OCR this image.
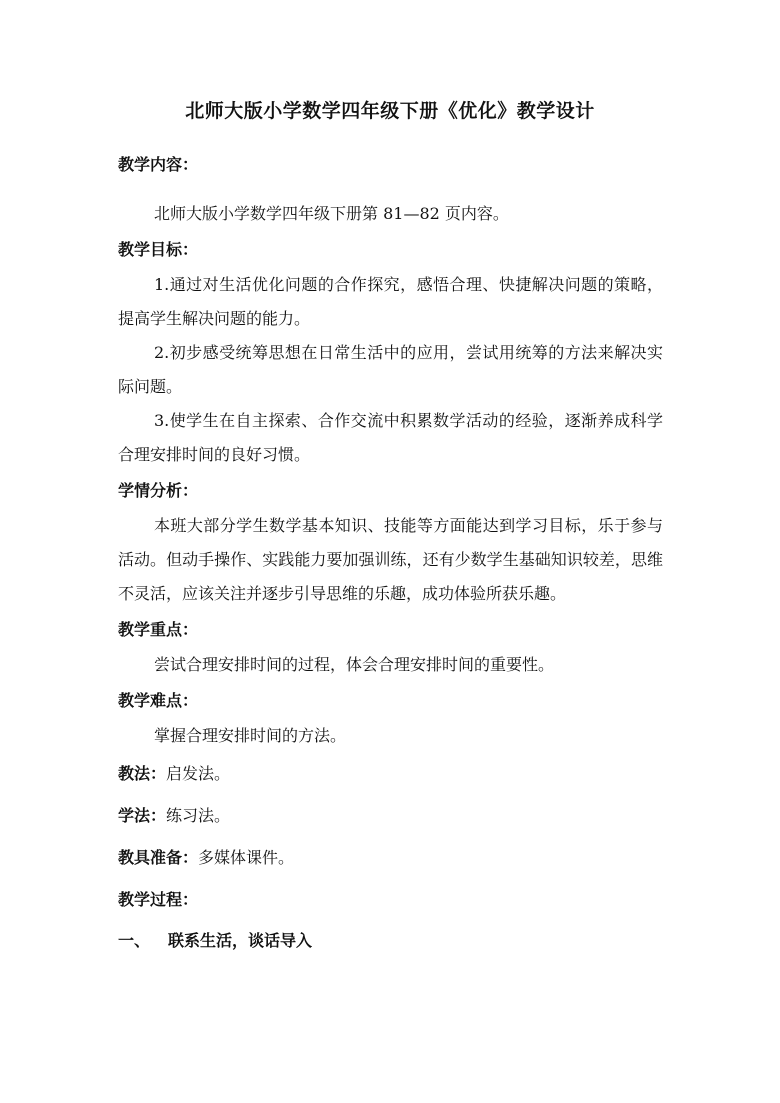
北师大版小学数学四年级下册《优化》教学设计

教学内容：

北师大版小学数学四年级下册第 81—82 页内容。

教学目标：

1.通过对生活优化问题的合作探究，感悟合理、快捷解决问题的策略，提高学生解决问题的能力。

2.初步感受统筹思想在日常生活中的应用，尝试用统筹的方法来解决实际问题。

3.使学生在自主探索、合作交流中积累数学活动的经验，逐渐养成科学合理安排时间的良好习惯。

学情分析：

本班大部分学生数学基本知识、技能等方面能达到学习目标，乐于参与活动。但动手操作、实践能力要加强训练，还有少数学生基础知识较差，思维不灵活，应该关注并逐步引导思维的乐趣，成功体验所获乐趣。

教学重点：

尝试合理安排时间的过程，体会合理安排时间的重要性。

教学难点：

掌握合理安排时间的方法。

教法：启发法。

学法：练习法。

教具准备：多媒体课件。

教学过程：

一、 联系生活，谈话导入
